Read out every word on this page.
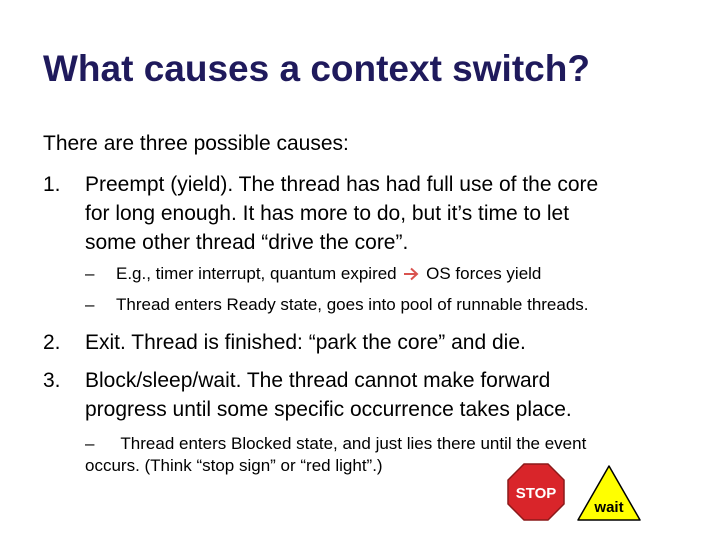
What causes a context switch?
There are three possible causes:
1. Preempt (yield). The thread has had full use of the core
for long enough. It has more to do, but it’s time to let
some other thread “drive the core”.
– E.g., timer interrupt, quantum expired OS forces yield
– Thread enters Ready state, goes into pool of runnable threads.
2. Exit. Thread is finished: “park the core” and die.
3. Block/sleep/wait. The thread cannot make forward
progress until some specific occurrence takes place.
– Thread enters Blocked state, and just lies there until the event
occurs. (Think “stop sign” or “red light”.)
STOP
wait
